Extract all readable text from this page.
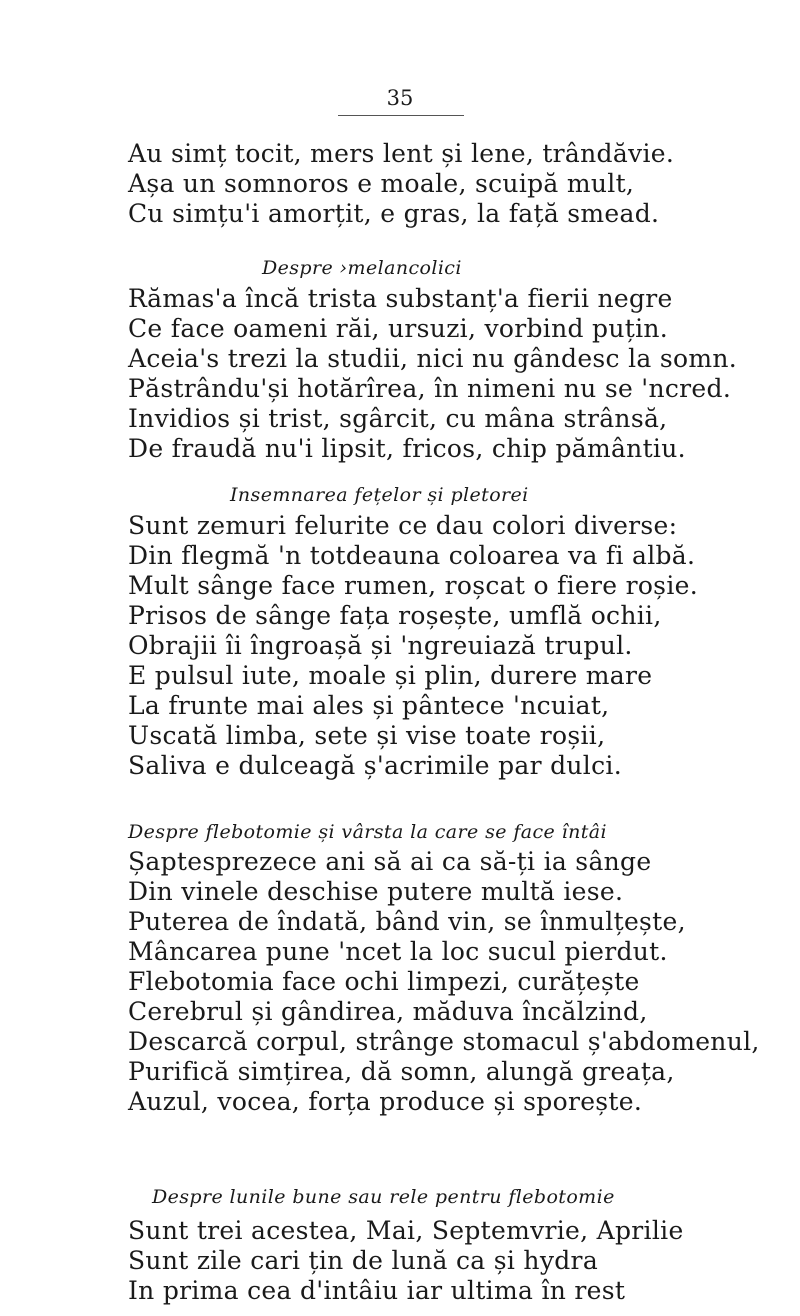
35
Au simț tocit, mers lent și lene, trândăvie.
Așa un somnoros e moale, scuipă mult,
Cu simțu'i amorțit, e gras, la față smead.
Despre ›melancolici
Rămas'a încă trista substanț'a fierii negre
Ce face oameni răi, ursuzi, vorbind puțin.
Aceia's trezi la studii, nici nu gândesc la somn.
Păstrându'și hotărîrea, în nimeni nu se 'ncred.
Invidios și trist, sgârcit, cu mâna strânsă,
De fraudă nu'i lipsit, fricos, chip pământiu.
Insemnarea fețelor și pletorei
Sunt zemuri felurite ce dau colori diverse:
Din flegmă 'n totdeauna coloarea va fi albă.
Mult sânge face rumen, roșcat o fiere roșie.
Prisos de sânge fața roșește, umflă ochii,
Obrajii îi îngroașă și 'ngreuiază trupul.
E pulsul iute, moale și plin, durere mare
La frunte mai ales și pântece 'ncuiat,
Uscată limba, sete și vise toate roșii,
Saliva e dulceagă ș'acrimile par dulci.
Despre flebotomie și vârsta la care se face întâi
Șaptesprezece ani să ai ca să-ți ia sânge
Din vinele deschise putere multă iese.
Puterea de îndată, bând vin, se înmulțește,
Mâncarea pune 'ncet la loc sucul pierdut.
Flebotomia face ochi limpezi, curățește
Cerebrul și gândirea, măduva încălzind,
Descarcă corpul, strânge stomacul ș'abdomenul,
Purifică simțirea, dă somn, alungă greața,
Auzul, vocea, forța produce și sporește.
Despre lunile bune sau rele pentru flebotomie
Sunt trei acestea, Mai, Septemvrie, Aprilie
Sunt zile cari țin de lună ca și hydra
In prima cea d'intâiu iar ultima în rest
